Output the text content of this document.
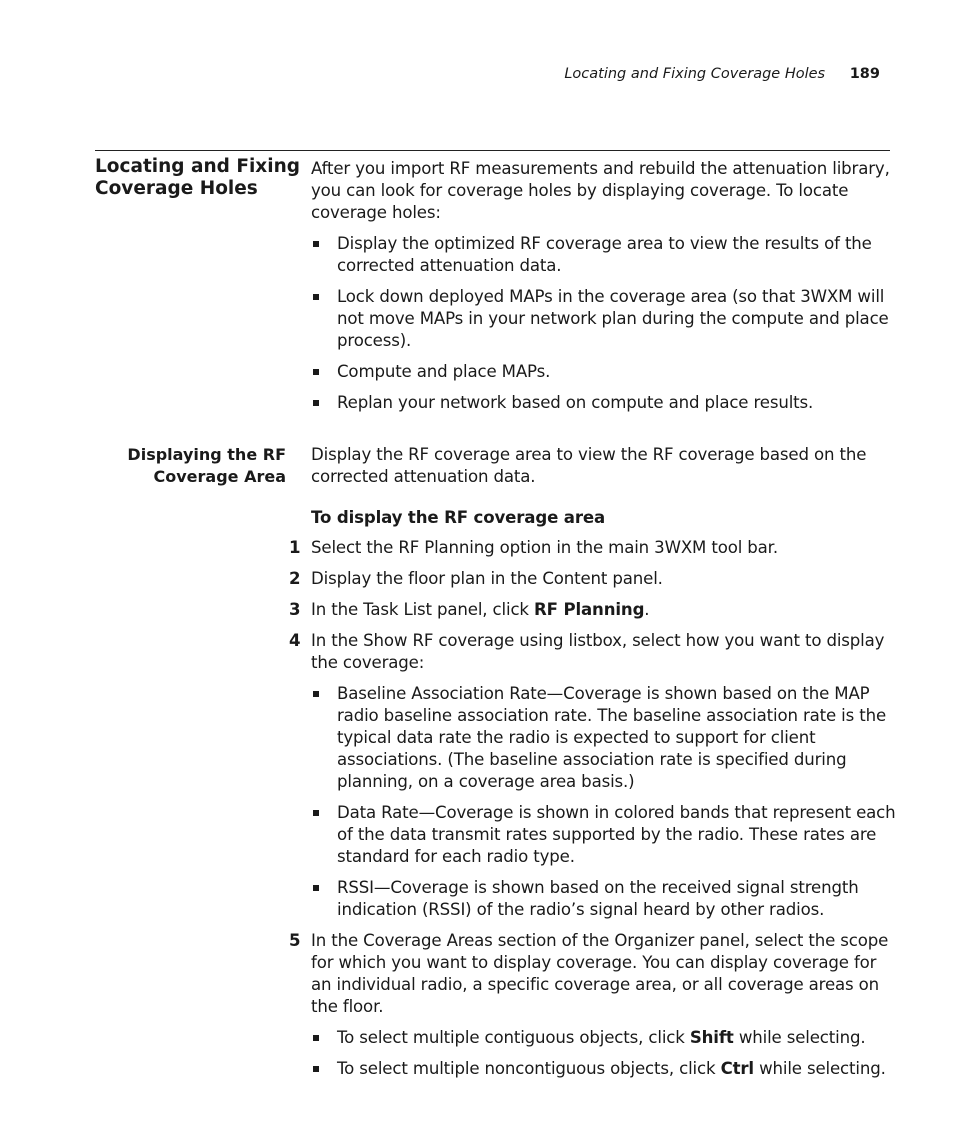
Locating and Fixing Coverage Holes 189
Locating and Fixing
Coverage Holes

After you import RF measurements and rebuild the attenuation library, you can look for coverage holes by displaying coverage. To locate coverage holes:

Display the optimized RF coverage area to view the results of the corrected attenuation data.
Lock down deployed MAPs in the coverage area (so that 3WXM will not move MAPs in your network plan during the compute and place process).
Compute and place MAPs.
Replan your network based on compute and place results.
Displaying the RF
Coverage Area

Display the RF coverage area to view the RF coverage based on the corrected attenuation data.

To display the RF coverage area
1 Select the RF Planning option in the main 3WXM tool bar.
2 Display the floor plan in the Content panel.
3 In the Task List panel, click RF Planning.
4 In the Show RF coverage using listbox, select how you want to display the coverage:
Baseline Association Rate—Coverage is shown based on the MAP radio baseline association rate. The baseline association rate is the typical data rate the radio is expected to support for client associations. (The baseline association rate is specified during planning, on a coverage area basis.)
Data Rate—Coverage is shown in colored bands that represent each of the data transmit rates supported by the radio. These rates are standard for each radio type.
RSSI—Coverage is shown based on the received signal strength indication (RSSI) of the radio’s signal heard by other radios.
5 In the Coverage Areas section of the Organizer panel, select the scope for which you want to display coverage. You can display coverage for an individual radio, a specific coverage area, or all coverage areas on the floor.
To select multiple contiguous objects, click Shift while selecting.
To select multiple noncontiguous objects, click Ctrl while selecting.
